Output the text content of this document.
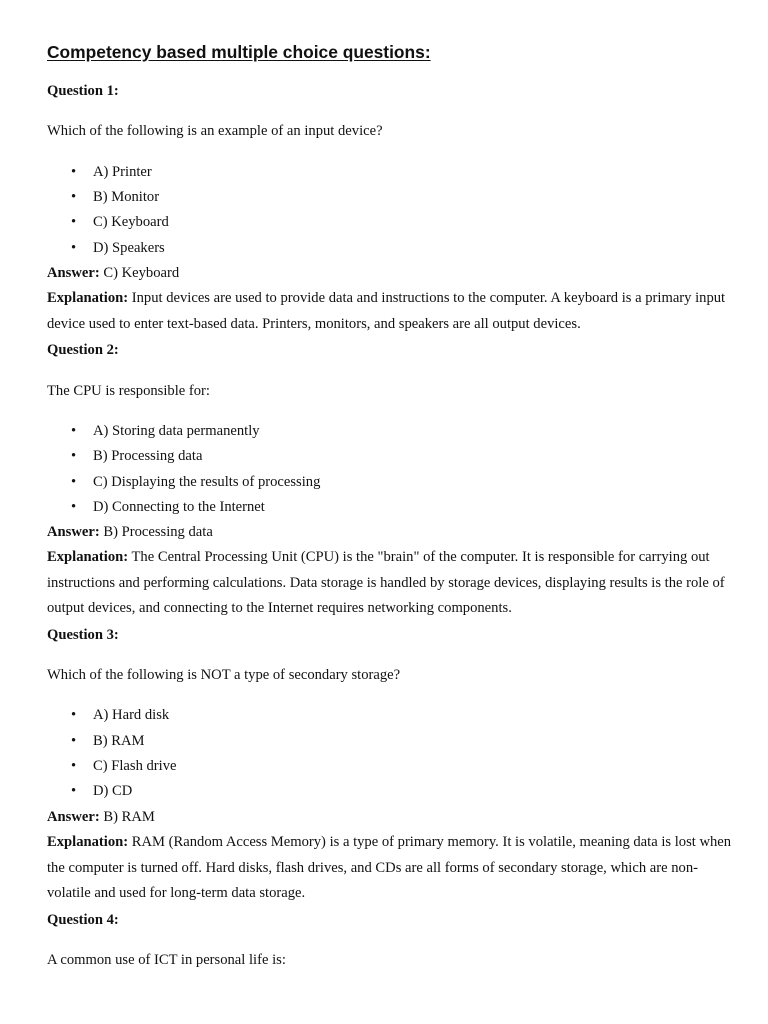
Competency based multiple choice questions:

Question 1:

Which of the following is an example of an input device?

• A) Printer

• B) Monitor

• C) Keyboard

• D) Speakers

Answer: C) Keyboard

Explanation: Input devices are used to provide data and instructions to the computer. A keyboard is a primary input device used to enter text-based data. Printers, monitors, and speakers are all output devices.

Question 2:

The CPU is responsible for:

• A) Storing data permanently

• B) Processing data

• C) Displaying the results of processing

• D) Connecting to the Internet

Answer: B) Processing data

Explanation: The Central Processing Unit (CPU) is the "brain" of the computer. It is responsible for carrying out instructions and performing calculations. Data storage is handled by storage devices, displaying results is the role of output devices, and connecting to the Internet requires networking components.

Question 3:

Which of the following is NOT a type of secondary storage?

• A) Hard disk

• B) RAM

• C) Flash drive

• D) CD

Answer: B) RAM

Explanation: RAM (Random Access Memory) is a type of primary memory. It is volatile, meaning data is lost when the computer is turned off. Hard disks, flash drives, and CDs are all forms of secondary storage, which are non-volatile and used for long-term data storage.

Question 4:

A common use of ICT in personal life is:
